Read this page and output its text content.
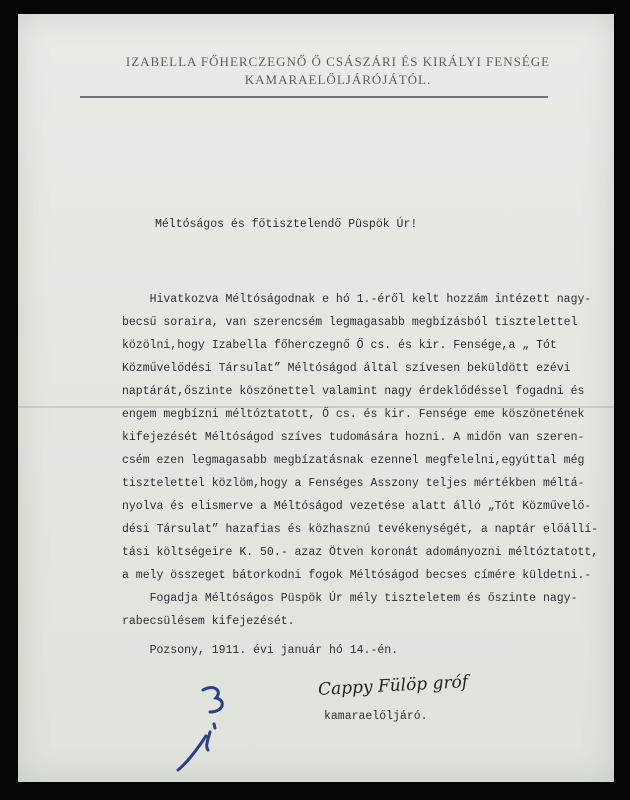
IZABELLA FŐHERCZEGNŐ Ő CSÁSZÁRI ÉS KIRÁLYI FENSÉGE
KAMARAELŐLJÁRÓJÁTÓL.
Méltóságos és főtisztelendő Püspök Úr!
Hivatkozva Méltóságodnak e hó 1.-éről kelt hozzám intézett nagy-
becsű soraira, van szerencsém legmagasabb megbízásból tisztelettel
közölni,hogy Izabella főherczegnő Ő cs. és kir. Fensége,a „ Tót
Közművelődési Társulat” Méltóságod által szívesen beküldött ezévi
naptárát,őszinte köszönettel valamint nagy érdeklődéssel fogadni és
engem megbízni méltóztatott, Ő cs. és kir. Fensége eme köszönetének
kifejezését Méltóságod szíves tudomására hozni. A midőn van szeren-
csém ezen legmagasabb megbízatásnak ezennel megfelelni,egyúttal még
tisztelettel közlöm,hogy a Fenséges Asszony teljes mértékben méltá-
nyolva és elismerve a Méltóságod vezetése alatt álló „Tót Közművelő-
dési Társulat” hazafias és közhasznú tevékenységét, a naptár előállí-
tási költségeire K. 50.- azaz Ötven koronát adományozni méltóztatott,
a mely összeget bátorkodni fogok Méltóságod becses címére küldetni.-
Fogadja Méltóságos Püspök Úr mély tiszteletem és őszinte nagy-
rabecsülésem kifejezését.
Pozsony, 1911. évi január hó 14.-én.
Cappy Fülöp gróf
kamaraelőljáró.
